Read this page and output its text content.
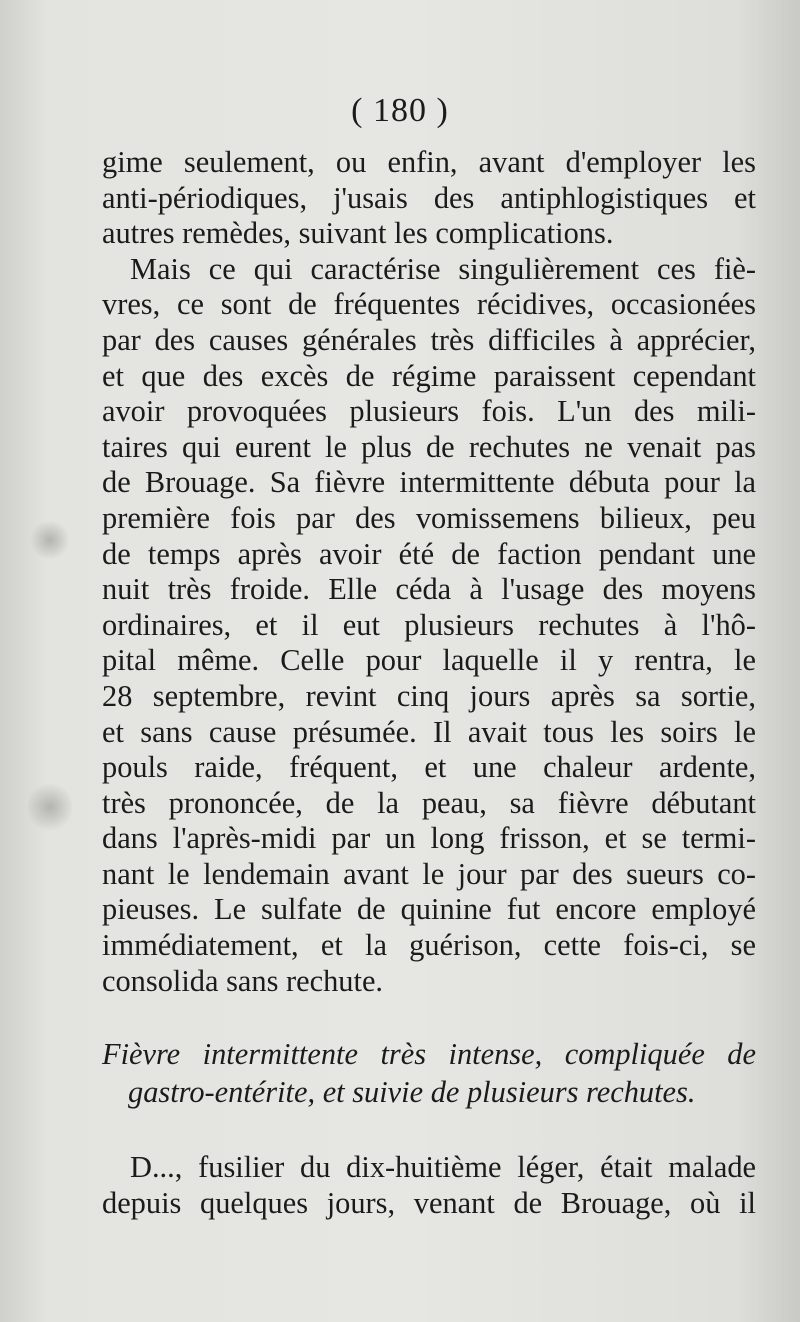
( 180 )
gime seulement, ou enfin, avant d'employer les
anti-périodiques, j'usais des antiphlogistiques et
autres remèdes, suivant les complications.
Mais ce qui caractérise singulièrement ces fiè-
vres, ce sont de fréquentes récidives, occasionées
par des causes générales très difficiles à apprécier,
et que des excès de régime paraissent cependant
avoir provoquées plusieurs fois. L'un des mili-
taires qui eurent le plus de rechutes ne venait pas
de Brouage. Sa fièvre intermittente débuta pour la
première fois par des vomissemens bilieux, peu
de temps après avoir été de faction pendant une
nuit très froide. Elle céda à l'usage des moyens
ordinaires, et il eut plusieurs rechutes à l'hô-
pital même. Celle pour laquelle il y rentra, le
28 septembre, revint cinq jours après sa sortie,
et sans cause présumée. Il avait tous les soirs le
pouls raide, fréquent, et une chaleur ardente,
très prononcée, de la peau, sa fièvre débutant
dans l'après-midi par un long frisson, et se termi-
nant le lendemain avant le jour par des sueurs co-
pieuses. Le sulfate de quinine fut encore employé
immédiatement, et la guérison, cette fois-ci, se
consolida sans rechute.
Fièvre intermittente très intense, compliquée de
gastro-entérite, et suivie de plusieurs rechutes.
D..., fusilier du dix-huitième léger, était malade
depuis quelques jours, venant de Brouage, où il
